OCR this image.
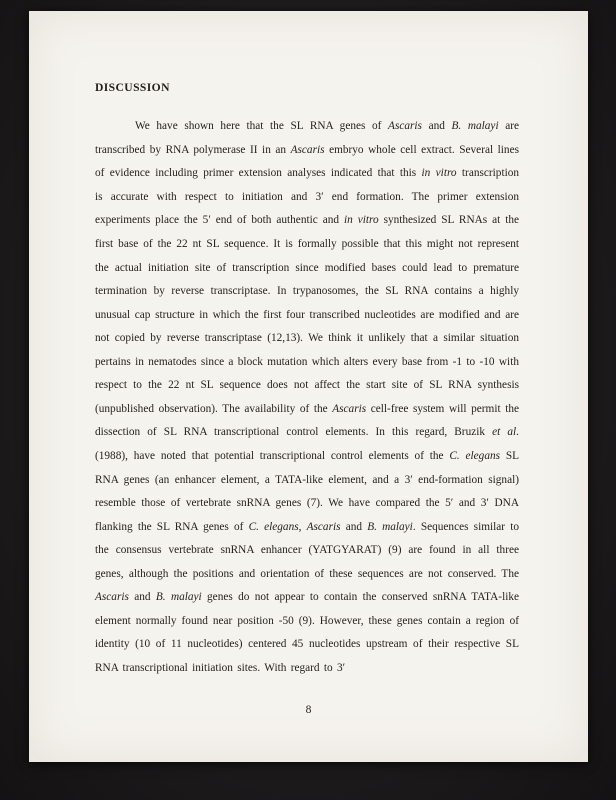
DISCUSSION

We have shown here that the SL RNA genes of Ascaris and B. malayi are transcribed by RNA polymerase II in an Ascaris embryo whole cell extract. Several lines of evidence including primer extension analyses indicated that this in vitro transcription is accurate with respect to initiation and 3′ end formation. The primer extension experiments place the 5′ end of both authentic and in vitro synthesized SL RNAs at the first base of the 22 nt SL sequence. It is formally possible that this might not represent the actual initiation site of transcription since modified bases could lead to premature termination by reverse transcriptase. In trypanosomes, the SL RNA contains a highly unusual cap structure in which the first four transcribed nucleotides are modified and are not copied by reverse transcriptase (12,13). We think it unlikely that a similar situation pertains in nematodes since a block mutation which alters every base from -1 to -10 with respect to the 22 nt SL sequence does not affect the start site of SL RNA synthesis (unpublished observation). The availability of the Ascaris cell-free system will permit the dissection of SL RNA transcriptional control elements. In this regard, Bruzik et al. (1988), have noted that potential transcriptional control elements of the C. elegans SL RNA genes (an enhancer element, a TATA-like element, and a 3′ end-formation signal) resemble those of vertebrate snRNA genes (7). We have compared the 5′ and 3′ DNA flanking the SL RNA genes of C. elegans, Ascaris and B. malayi. Sequences similar to the consensus vertebrate snRNA enhancer (YATGYARAT) (9) are found in all three genes, although the positions and orientation of these sequences are not conserved. The Ascaris and B. malayi genes do not appear to contain the conserved snRNA TATA-like element normally found near position -50 (9). However, these genes contain a region of identity (10 of 11 nucleotides) centered 45 nucleotides upstream of their respective SL RNA transcriptional initiation sites. With regard to 3′

8
